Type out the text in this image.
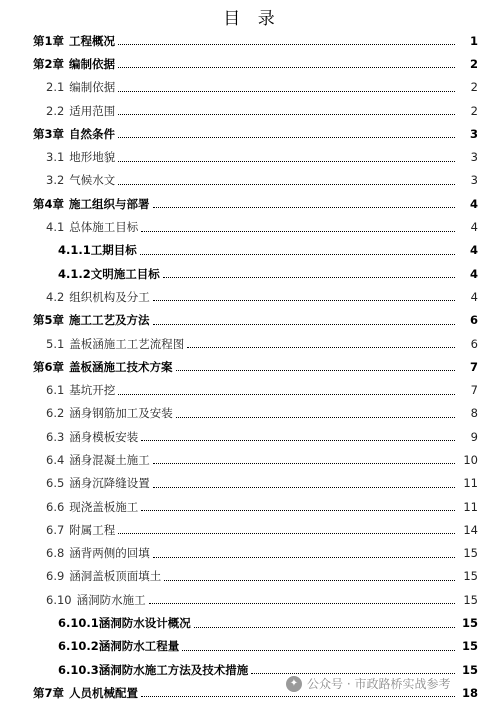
目 录
第1章 工程概况	1
第2章 编制依据	2
2.1 编制依据	2
2.2 适用范围	2
第3章 自然条件	3
3.1 地形地貌	3
3.2 气候水文	3
第4章 施工组织与部署	4
4.1 总体施工目标	4
4.1.1工期目标	4
4.1.2文明施工目标	4
4.2 组织机构及分工	4
第5章 施工工艺及方法	6
5.1 盖板涵施工工艺流程图	6
第6章 盖板涵施工技术方案	7
6.1 基坑开挖	7
6.2 涵身钢筋加工及安装	8
6.3 涵身模板安装	9
6.4 涵身混凝土施工	10
6.5 涵身沉降缝设置	11
6.6 现浇盖板施工	11
6.7 附属工程	14
6.8 涵背两侧的回填	15
6.9 涵洞盖板顶面填土	15
6.10 涵洞防水施工	15
6.10.1涵洞防水设计概况	15
6.10.2涵洞防水工程量	15
6.10.3涵洞防水施工方法及技术措施	15
第7章 人员机械配置	18
✦ 公众号 · 市政路桥实战参考
